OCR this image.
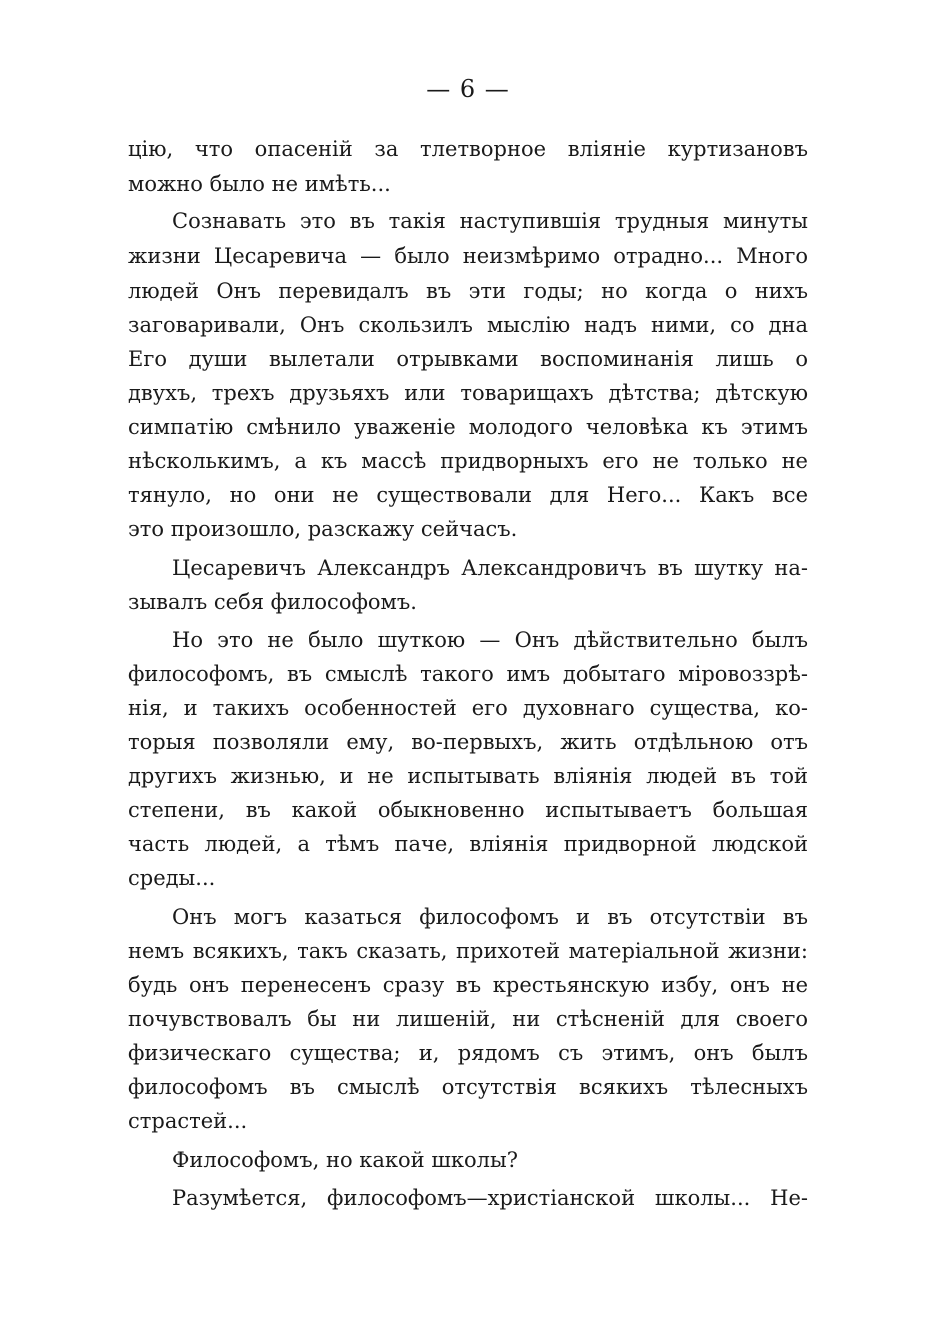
— 6 —
цію, что опасеній за тлетворное вліяніе куртизановъ
можно было не имѣть...
Сознавать это въ такія наступившія трудныя минуты
жизни Цесаревича — было неизмѣримо отрадно... Много
людей Онъ перевидалъ въ эти годы; но когда о нихъ
заговаривали, Онъ скользилъ мыслію надъ ними, со дна
Его души вылетали отрывками воспоминанія лишь о
двухъ, трехъ друзьяхъ или товарищахъ дѣтства; дѣтскую
симпатію смѣнило уваженіе молодого человѣка къ этимъ
нѣсколькимъ, а къ массѣ придворныхъ его не только не
тянуло, но они не существовали для Него... Какъ все
это произошло, разскажу сейчасъ.
Цесаревичъ Александръ Александровичъ въ шутку на-
зывалъ себя философомъ.
Но это не было шуткою — Онъ дѣйствительно былъ
философомъ, въ смыслѣ такого имъ добытаго міровоззрѣ-
нія, и такихъ особенностей его духовнаго существа, ко-
торыя позволяли ему, во-первыхъ, жить отдѣльною отъ
другихъ жизнью, и не испытывать вліянія людей въ той
степени, въ какой обыкновенно испытываетъ большая
часть людей, а тѣмъ паче, вліянія придворной людской
среды...
Онъ могъ казаться философомъ и въ отсутствіи въ
немъ всякихъ, такъ сказать, прихотей матеріальной жизни:
будь онъ перенесенъ сразу въ крестьянскую избу, онъ не
почувствовалъ бы ни лишеній, ни стѣсненій для своего
физическаго существа; и, рядомъ съ этимъ, онъ былъ
философомъ въ смыслѣ отсутствія всякихъ тѣлесныхъ
страстей...
Философомъ, но какой школы?
Разумѣется, философомъ—христіанской школы... Не-
